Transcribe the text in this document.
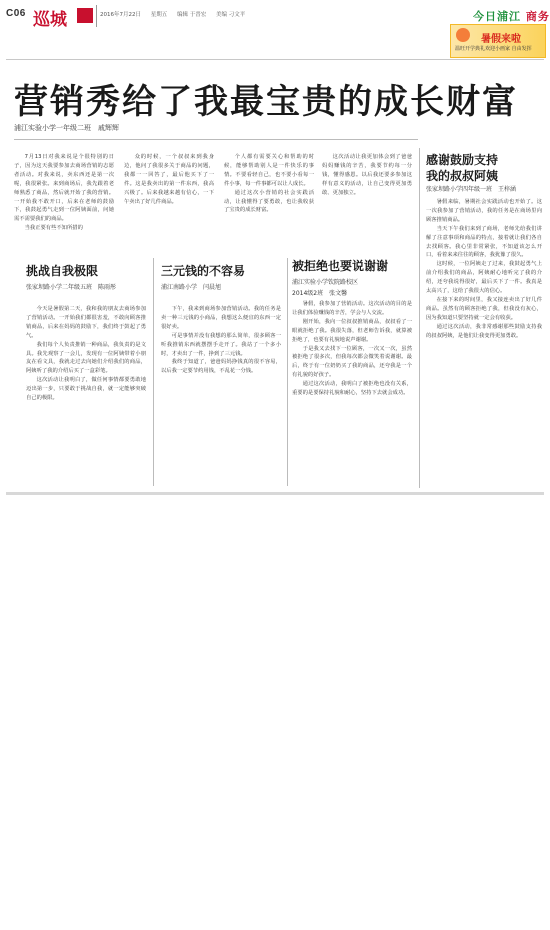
C06 巡城	2016年7月22日 星期五 编辑 于晋宏 美编 刁文平	今日浦江 商务
暑假来啦
温旺开学典礼欢迎小画家 自由发挥
营销秀给了我最宝贵的成长财富
浦江实验小学一年级二班　戚辉辉

7月13日对我来说是个很特别的日子，因为这天我要参加去商场营销的志愿者活动。对我来说，卖东西还是第一次呢，我很紧张。来到商场后，我先跟着老师熟悉了商品，然后就开始了我的营销。一开始我不敢开口，后来在老师的鼓励下，我鼓起勇气走到一位阿姨面前，问她需不需要我们的商品。

当我正要有些不知所措的

众的时候，一个叔叔来到我身边，他问了我很多关于商品的问题，我都一一回答了，最后他买下了一件。这是我卖出的第一件东西，我高兴极了。后来我越来越有信心，一下午卖出了好几件商品。

个人都有需要关心和帮助的时候，能够帮助别人是一件快乐的事情。不要看轻自己，也不要小看每一件小事，每一件事都可以让人成长。

通过这次小营销的社会实践活动，让我懂得了要勇敢，也让我收获了宝贵的成长财富。

这次活动让我更加体会到了爸爸妈妈赚钱的辛苦，我要节约每一分钱，懂得感恩。以后我还要多参加这样有意义的活动，让自己变得更加勇敢、更加独立。

感谢鼓励支持
我的叔叔阿姨
张家坝路小学四年级一班　王梓涵

暑假来临，暑期社会实践活动也开始了。这一次我参加了营销活动，我的任务是在商场里向顾客推销商品。

当天下午我们来到了商场，老师先给我们讲解了注意事项和商品的特点，接着就让我们各自去找顾客。我心里非常紧张，不知道该怎么开口，看着来来往往的顾客，我犹豫了很久。

这时候，一位阿姨走了过来，我鼓起勇气上前介绍我们的商品，阿姨耐心地听完了我的介绍，还夸我说得很好，最后买下了一件。我真是太高兴了，这给了我很大的信心。

在接下来的时间里，我又接连卖出了好几件商品。虽然有的顾客拒绝了我，但我没有灰心，因为我知道只要坚持就一定会有收获。

通过这次活动，我非常感谢那些鼓励支持我的叔叔阿姨，是他们让我变得更加勇敢。

挑战自我极限
张家坝路小学二年级五班　陈雨彤

今天是暑假第二天，我和我的朋友去商场参加了营销活动。一开始我们都很害羞，不敢向顾客推销商品，后来在妈妈的鼓励下，我们终于鼓起了勇气。

我们每个人负责推销一种商品，我负责的是文具。我先观察了一会儿，发现有一位阿姨带着小朋友在看文具，我就走过去向她们介绍我们的商品，阿姨听了我的介绍后买了一盒彩笔。

这次活动让我明白了，做任何事情都要勇敢地迈出第一步，只要敢于挑战自我，就一定能够突破自己的极限。

三元钱的不容易
浦江南路小学　闫晨旭

下午，我来到商场参加营销活动。我的任务是卖一种三元钱的小商品，我想这么便宜的东西一定很好卖。

可是事情并没有我想的那么简单，很多顾客一听我推销东西就摆摆手走开了。我站了一个多小时，才卖出了一件，挣到了三元钱。

我终于知道了，爸爸妈妈挣钱真的很不容易，以后我一定要节约用钱，不乱花一分钱。

被拒绝也要说谢谢
浦江实验小学钦院路校区
2014级2班　张文馨

暑假，我参加了营销活动。这次活动的目的是让我们体验赚钱的辛苦，学会与人交流。

刚开始，我向一位叔叔推销商品，叔叔看了一眼就拒绝了我。我很失落，但老师告诉我，就算被拒绝了，也要有礼貌地说声谢谢。

于是我又去找下一位顾客，一次又一次，虽然被拒绝了很多次，但我每次都会微笑着说谢谢。最后，终于有一位奶奶买了我的商品，还夸我是一个有礼貌的好孩子。

通过这次活动，我明白了被拒绝也没有关系，重要的是要保持礼貌和耐心，坚持下去就会成功。
